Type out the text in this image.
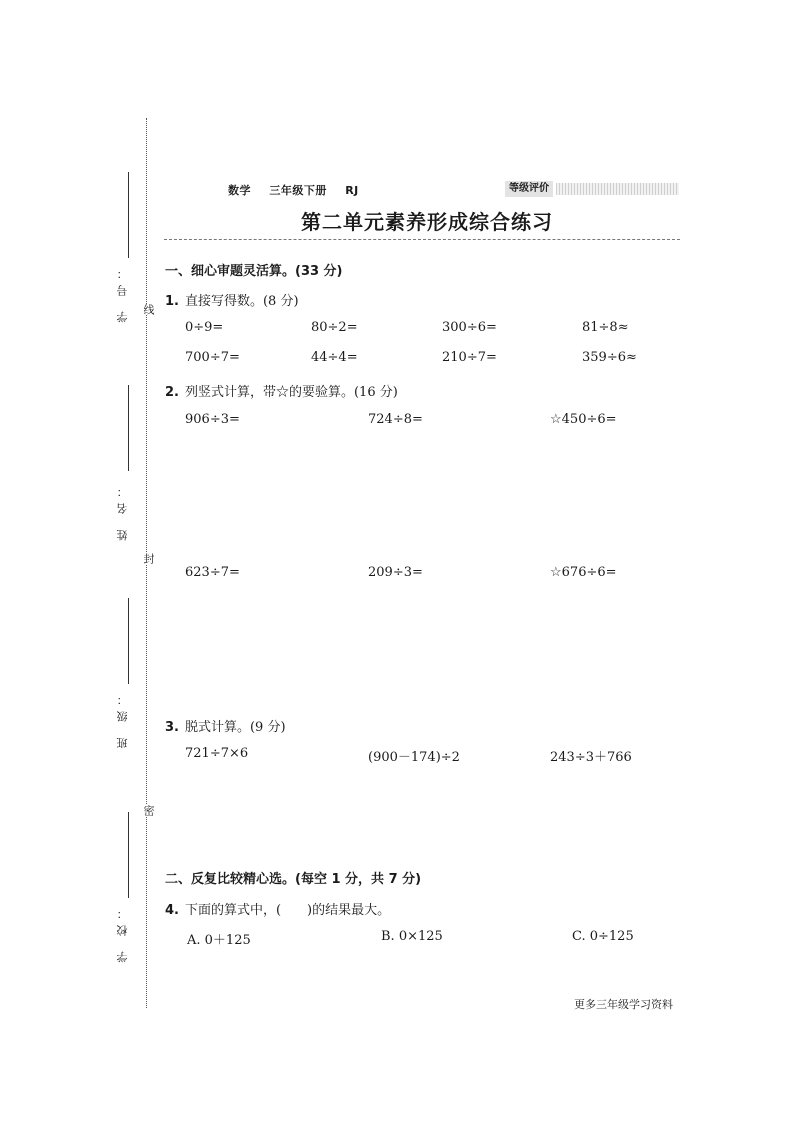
学 号：
姓 名：
班 级：
学 校：
线
封
密
数学 三年级下册 RJ	等级评价
第二单元素养形成综合练习
一、细心审题灵活算。(33 分)
1. 直接写得数。(8 分)
0÷9=	80÷2=	300÷6=	81÷8≈
700÷7=	44÷4=	210÷7=	359÷6≈
2. 列竖式计算，带☆的要验算。(16 分)
906÷3=	724÷8=	☆450÷6=
623÷7=	209÷3=	☆676÷6=
3. 脱式计算。(9 分)
721÷7×6	(900－174)÷2	243÷3＋766
二、反复比较精心选。(每空 1 分，共 7 分)
4. 下面的算式中，(　　)的结果最大。
A. 0＋125	B. 0×125	C. 0÷125
更多三年级学习资料
